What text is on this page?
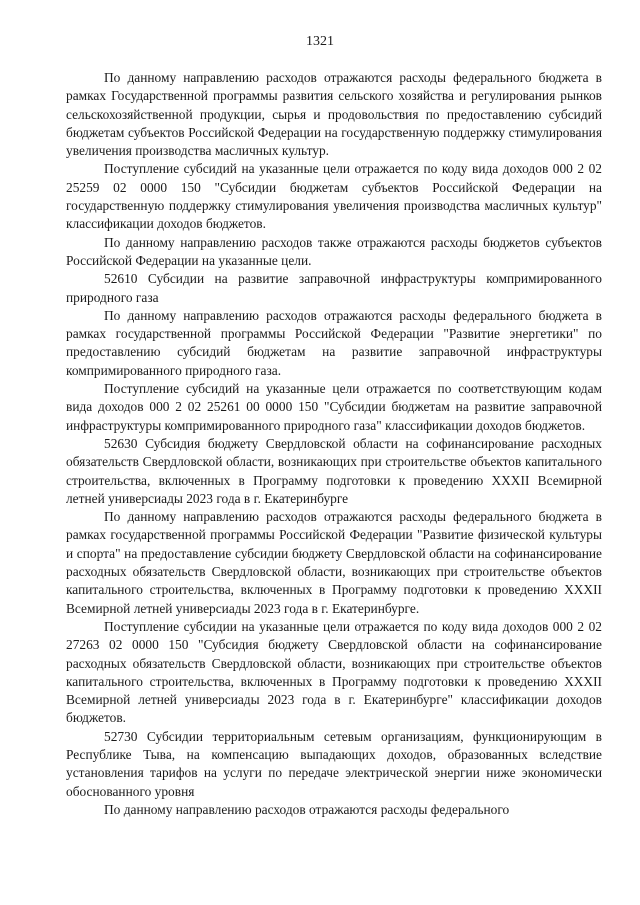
1321

По данному направлению расходов отражаются расходы федерального бюджета в рамках Государственной программы развития сельского хозяйства и регулирования рынков сельскохозяйственной продукции, сырья и продовольствия по предоставлению субсидий бюджетам субъектов Российской Федерации на государственную поддержку стимулирования увеличения производства масличных культур.

Поступление субсидий на указанные цели отражается по коду вида доходов 000 2 02 25259 02 0000 150 "Субсидии бюджетам субъектов Российской Федерации на государственную поддержку стимулирования увеличения производства масличных культур" классификации доходов бюджетов.

По данному направлению расходов также отражаются расходы бюджетов субъектов Российской Федерации на указанные цели.

52610 Субсидии на развитие заправочной инфраструктуры компримированного природного газа

По данному направлению расходов отражаются расходы федерального бюджета в рамках государственной программы Российской Федерации "Развитие энергетики" по предоставлению субсидий бюджетам на развитие заправочной инфраструктуры компримированного природного газа.

Поступление субсидий на указанные цели отражается по соответствующим кодам вида доходов 000 2 02 25261 00 0000 150 "Субсидии бюджетам на развитие заправочной инфраструктуры компримированного природного газа" классификации доходов бюджетов.

52630 Субсидия бюджету Свердловской области на софинансирование расходных обязательств Свердловской области, возникающих при строительстве объектов капитального строительства, включенных в Программу подготовки к проведению XXXII Всемирной летней универсиады 2023 года в г. Екатеринбурге

По данному направлению расходов отражаются расходы федерального бюджета в рамках государственной программы Российской Федерации "Развитие физической культуры и спорта" на предоставление субсидии бюджету Свердловской области на софинансирование расходных обязательств Свердловской области, возникающих при строительстве объектов капитального строительства, включенных в Программу подготовки к проведению XXXII Всемирной летней универсиады 2023 года в г. Екатеринбурге.

Поступление субсидии на указанные цели отражается по коду вида доходов 000 2 02 27263 02 0000 150 "Субсидия бюджету Свердловской области на софинансирование расходных обязательств Свердловской области, возникающих при строительстве объектов капитального строительства, включенных в Программу подготовки к проведению XXXII Всемирной летней универсиады 2023 года в г. Екатеринбурге" классификации доходов бюджетов.

52730 Субсидии территориальным сетевым организациям, функционирующим в Республике Тыва, на компенсацию выпадающих доходов, образованных вследствие установления тарифов на услуги по передаче электрической энергии ниже экономически обоснованного уровня

По данному направлению расходов отражаются расходы федерального
